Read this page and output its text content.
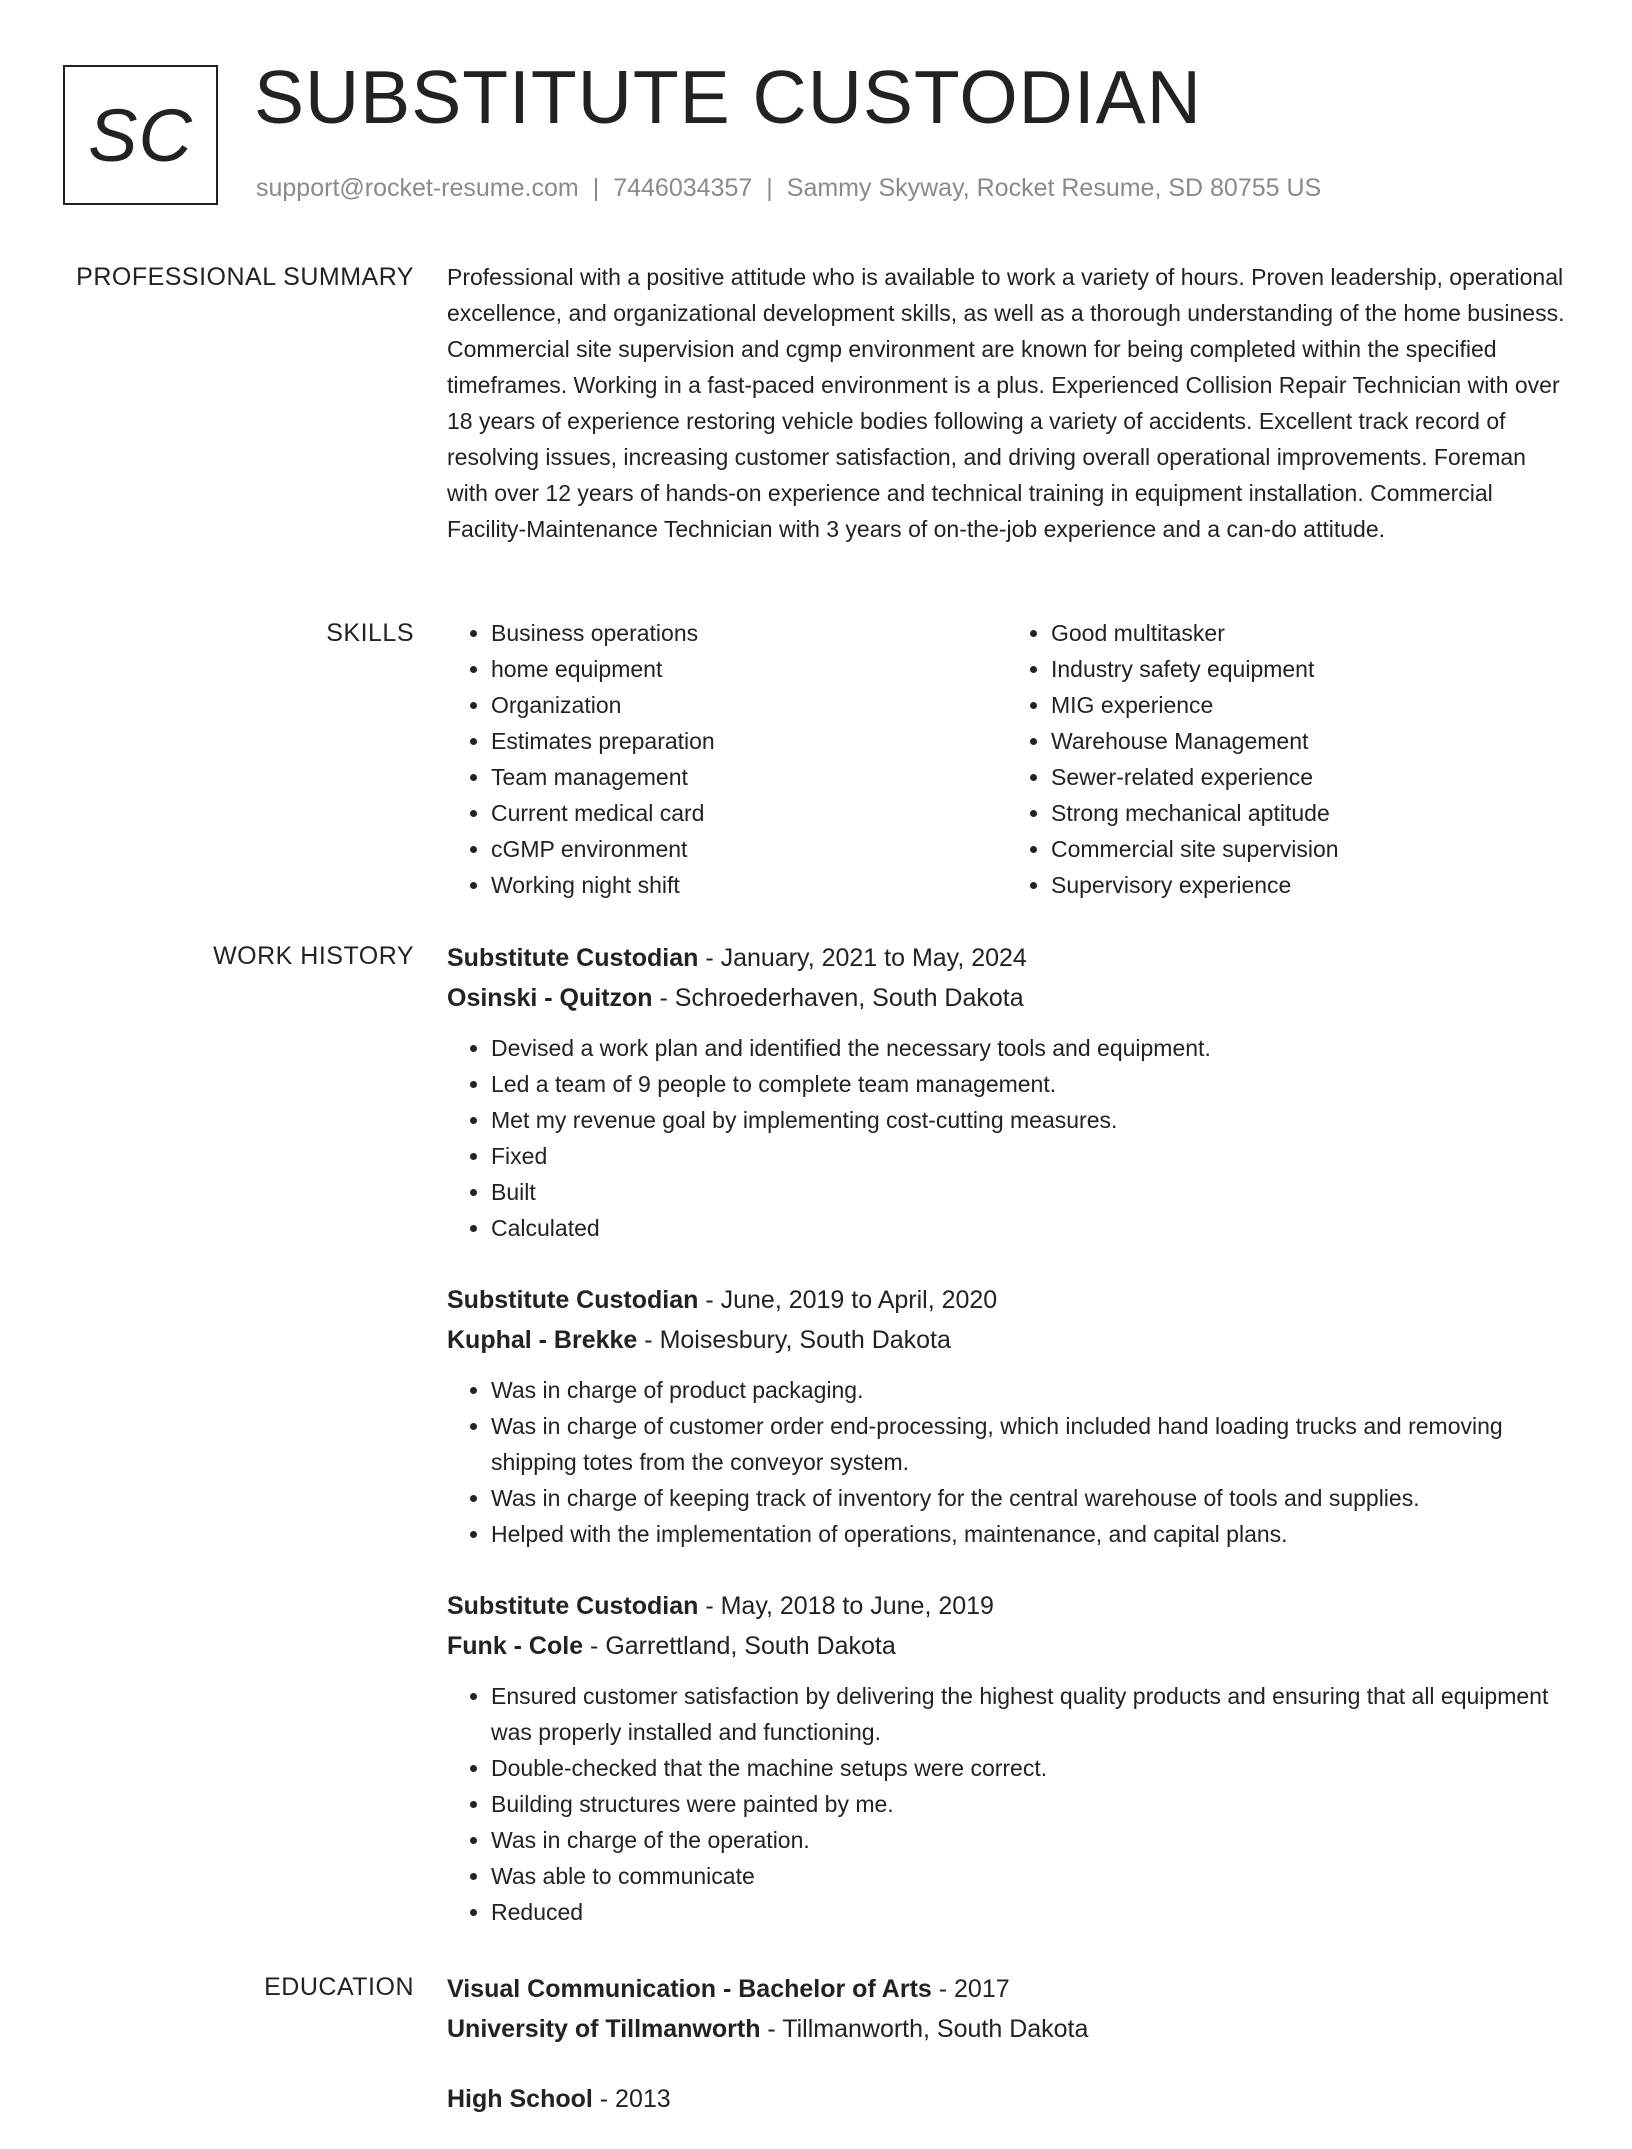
SC SUBSTITUTE CUSTODIAN
support@rocket-resume.com | 7446034357 | Sammy Skyway, Rocket Resume, SD 80755 US
PROFESSIONAL SUMMARY Professional with a positive attitude who is available to work a variety of hours. Proven leadership, operational excellence, and organizational development skills, as well as a thorough understanding of the home business. Commercial site supervision and cgmp environment are known for being completed within the specified timeframes. Working in a fast-paced environment is a plus. Experienced Collision Repair Technician with over 18 years of experience restoring vehicle bodies following a variety of accidents. Excellent track record of resolving issues, increasing customer satisfaction, and driving overall operational improvements. Foreman with over 12 years of hands-on experience and technical training in equipment installation. Commercial Facility-Maintenance Technician with 3 years of on-the-job experience and a can-do attitude.

SKILLS
•	Business operations
• home equipment
• Organization
• Estimates preparation
• Team management
• Current medical card
• cGMP environment
• Working night shift
• Good multitasker
• Industry safety equipment
• MIG experience
• Warehouse Management
• Sewer-related experience
• Strong mechanical aptitude
• Commercial site supervision
• Supervisory experience
WORK HISTORY Substitute Custodian - January, 2021 to May, 2024
Osinski - Quitzon - Schroederhaven, South Dakota
• Devised a work plan and identified the necessary tools and equipment.
• Led a team of 9 people to complete team management.
• Met my revenue goal by implementing cost-cutting measures.
• Fixed
• Built
• Calculated
Substitute Custodian - June, 2019 to April, 2020
Kuphal - Brekke - Moisesbury, South Dakota
• Was in charge of product packaging.
• Was in charge of customer order end-processing, which included hand loading trucks and removing shipping totes from the conveyor system.
• Was in charge of keeping track of inventory for the central warehouse of tools and supplies.
• Helped with the implementation of operations, maintenance, and capital plans.
Substitute Custodian - May, 2018 to June, 2019
Funk - Cole - Garrettland, South Dakota
• Ensured customer satisfaction by delivering the highest quality products and ensuring that all equipment was properly installed and functioning.
• Double-checked that the machine setups were correct.
• Building structures were painted by me.
• Was in charge of the operation.
• Was able to communicate
• Reduced
EDUCATION Visual Communication - Bachelor of Arts - 2017
University of Tillmanworth - Tillmanworth, South Dakota
High School - 2013
